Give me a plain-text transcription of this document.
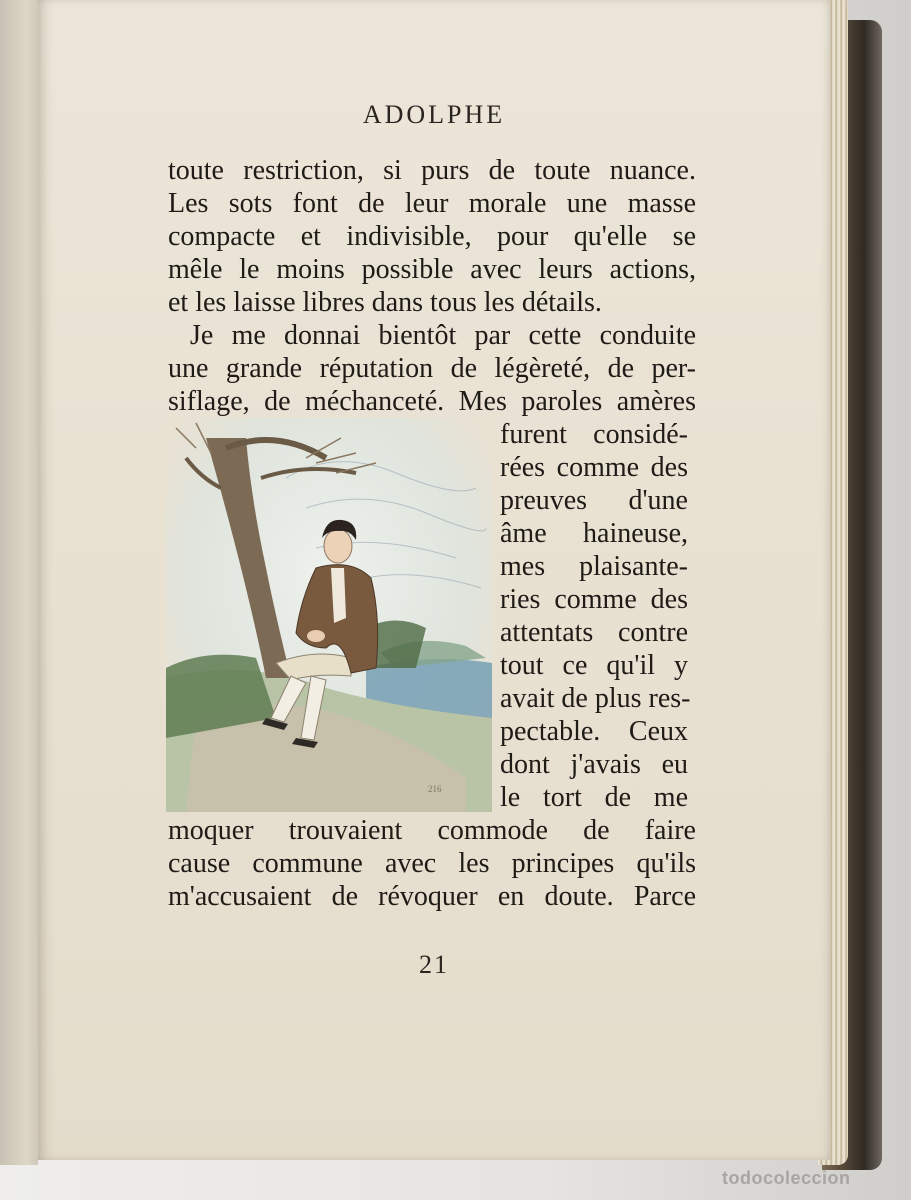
ADOLPHE
toute restriction, si purs de toute nuance.
Les sots font de leur morale une masse
compacte et indivisible, pour qu'elle se
mêle le moins possible avec leurs actions,
et les laisse libres dans tous les détails.
Je me donnai bientôt par cette conduite
une grande réputation de légèreté, de per-
siflage, de méchanceté. Mes paroles amères
furent considé-
rées comme des
preuves d'une
âme haineuse,
mes plaisante-
ries comme des
attentats contre
tout ce qu'il y
avait de plus res-
pectable. Ceux
dont j'avais eu
le tort de me
moquer trouvaient commode de faire
cause commune avec les principes qu'ils
m'accusaient de révoquer en doute. Parce
216
21
todocoleccion
